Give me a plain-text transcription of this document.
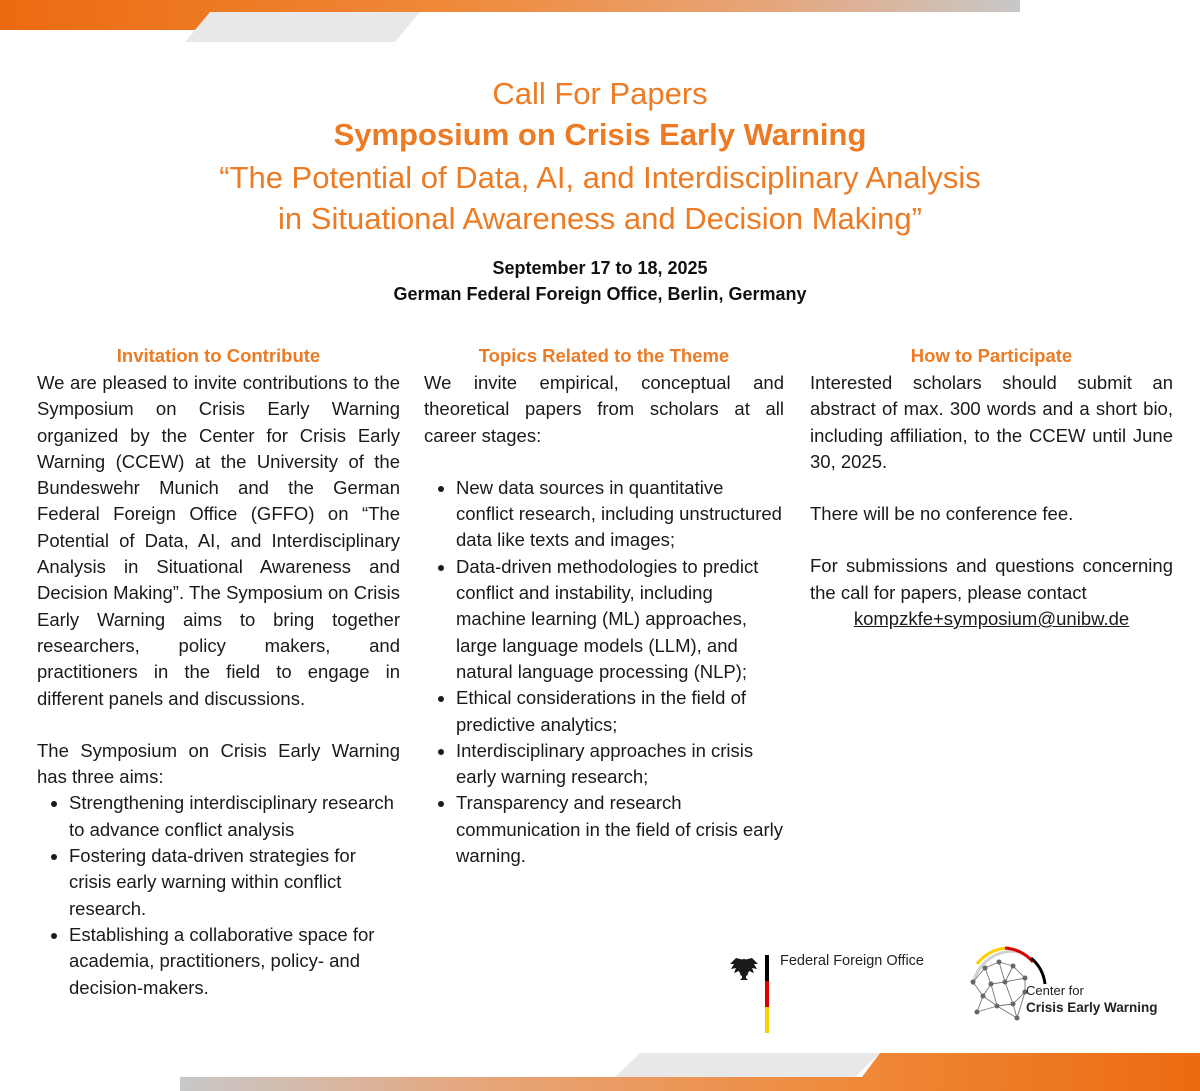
Call For Papers
Symposium on Crisis Early Warning
“The Potential of Data, AI, and Interdisciplinary Analysis
in Situational Awareness and Decision Making”
September 17 to 18, 2025
German Federal Foreign Office, Berlin, Germany
Invitation to Contribute

We are pleased to invite contributions to the Symposium on Crisis Early Warning organized by the Center for Crisis Early Warning (CCEW) at the University of the Bundeswehr Munich and the German Federal Foreign Office (GFFO) on “The Potential of Data, AI, and Interdisciplinary Analysis in Situational Awareness and Decision Making”. The Symposium on Crisis Early Warning aims to bring together researchers, policy makers, and practitioners in the field to engage in different panels and discussions.

The Symposium on Crisis Early Warning has three aims:

• Strengthening interdisciplinary research to advance conflict analysis
• Fostering data-driven strategies for crisis early warning within conflict research.
• Establishing a collaborative space for academia, practitioners, policy- and decision-makers.
Topics Related to the Theme

We invite empirical, conceptual and theoretical papers from scholars at all career stages:

• New data sources in quantitative conflict research, including unstructured data like texts and images;
• Data-driven methodologies to predict conflict and instability, including machine learning (ML) approaches, large language models (LLM), and natural language processing (NLP);
• Ethical considerations in the field of predictive analytics;
• Interdisciplinary approaches in crisis early warning research;
• Transparency and research communication in the field of crisis early warning.
How to Participate

Interested scholars should submit an abstract of max. 300 words and a short bio, including affiliation, to the CCEW until June 30, 2025.

There will be no conference fee.

For submissions and questions concerning the call for papers, please contact

kompzkfe+symposium@unibw.de
Federal Foreign Office
Center for
Crisis Early Warning
